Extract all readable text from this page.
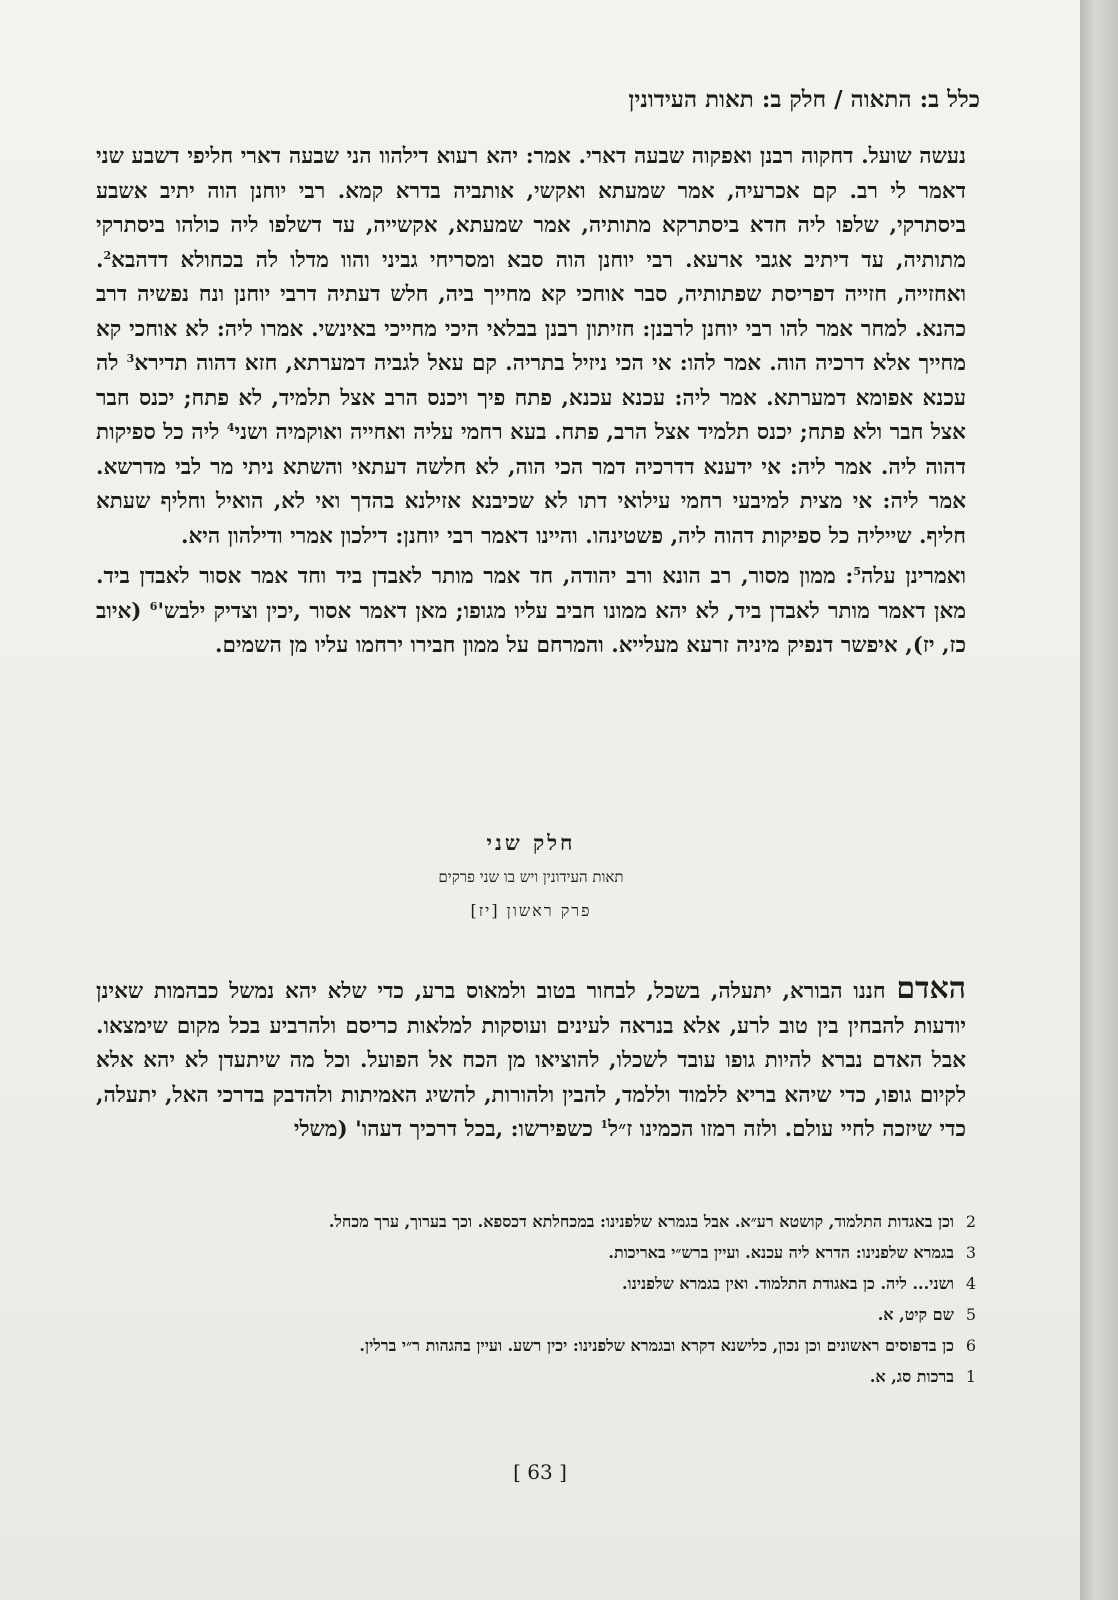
כלל ב: התאוה / חלק ב: תאות העידונין

נעשה שועל. דחקוה רבנן ואפקוה שבעה דארי. אמר: יהא רעוא דילהוו הני שבעה דארי חליפי דשבע שני דאמר לי רב. קם אכרעיה, אמר שמעתא ואקשי, אותביה בדרא קמא. רבי יוחנן הוה יתיב אשבע ביסתרקי, שלפו ליה חדא ביסתרקא מתותיה, אמר שמעתא, אקשייה, עד דשלפו ליה כולהו ביסתרקי מתותיה, עד דיתיב אגבי ארעא. רבי יוחנן הוה סבא ומסריחי גביני והוו מדלו לה בכחולא דדהבא$^2$. ואחזייה, חזייה דפריסת שפתותיה, סבר אוחכי קא מחייך ביה, חלש דעתיה דרבי יוחנן ונח נפשיה דרב כהנא. למחר אמר להו רבי יוחנן לרבנן: חזיתון רבנן בבלאי היכי מחייכי באינשי. אמרו ליה: לא אוחכי קא מחייך אלא דרכיה הוה. אמר להו: אי הכי ניזיל בתריה. קם עאל לגביה דמערתא, חזא דהוה תדירא$^3$ לה עכנא אפומא דמערתא. אמר ליה: עכנא עכנא, פתח פיך ויכנס הרב אצל תלמיד, לא פתח; יכנס חבר אצל חבר ולא פתח; יכנס תלמיד אצל הרב, פתח. בעא רחמי עליה ואחייה ואוקמיה ושני$^4$ ליה כל ספיקות דהוה ליה. אמר ליה: אי ידענא דדרכיה דמר הכי הוה, לא חלשה דעתאי והשתא ניתי מר לבי מדרשא. אמר ליה: אי מצית למיבעי רחמי עילואי דתו לא שכיבנא אזילנא בהדך ואי לא, הואיל וחליף שעתא חליף. שייליה כל ספיקות דהוה ליה, פשטינהו. והיינו דאמר רבי יוחנן: דילכון אמרי ודילהון היא.

ואמרינן עלה$^5$: ממון מסור, רב הונא ורב יהודה, חד אמר מותר לאבדן ביד וחד אמר אסור לאבדן ביד. מאן דאמר מותר לאבדן ביד, לא יהא ממונו חביב עליו מגופו; מאן דאמר אסור ,יכין וצדיק $ילבש'^6$ (איוב כז, יז), איפשר דנפיק מיניה זרעא מעלייא. והמרחם על ממון חבירו ירחמו עליו מן השמים.

חלק שני
תאות העידונין ויש בו שני פרקים
פרק ראשון [יז]
האדם חננו הבורא, יתעלה, בשכל, לבחור בטוב ולמאוס ברע, כדי שלא יהא נמשל כבהמות שאינן יודעות להבחין בין טוב לרע, אלא בנראה לעינים ועוסקות למלאות כריסם ולהרביע בכל מקום שימצאו. אבל האדם נברא להיות גופו עובד לשכלו, להוציאו מן הכח אל הפועל. וכל מה שיתעדן לא יהא אלא לקיום גופו, כדי שיהא בריא ללמוד וללמד, להבין ולהורות, להשיג האמיתות ולהדבק בדרכי האל, יתעלה, כדי שיזכה לחיי עולם. ולזה רמזו הכמינו ז״ל$^1$ כשפירשו: ,בכל דרכיך דעהו' (משלי
2
וכן באגדות התלמוד, קושטא רע״א. אבל בגמרא שלפנינו: במכחלתא דכספא. וכך בערוך, ערך מכחל.
3
בגמרא שלפנינו: הדרא ליה עכנא. ועיין ברש״י באריכות.
4
ושני... ליה. כן באגודת התלמוד. ואין בגמרא שלפנינו.
5
שם קיט, א.
6
כן בדפוסים ראשונים וכן נכון, כלישנא דקרא ובגמרא שלפנינו: יכין רשע. ועיין בהגהות ר״י ברלין.
1
ברכות סג, א.
[ 63 ]
